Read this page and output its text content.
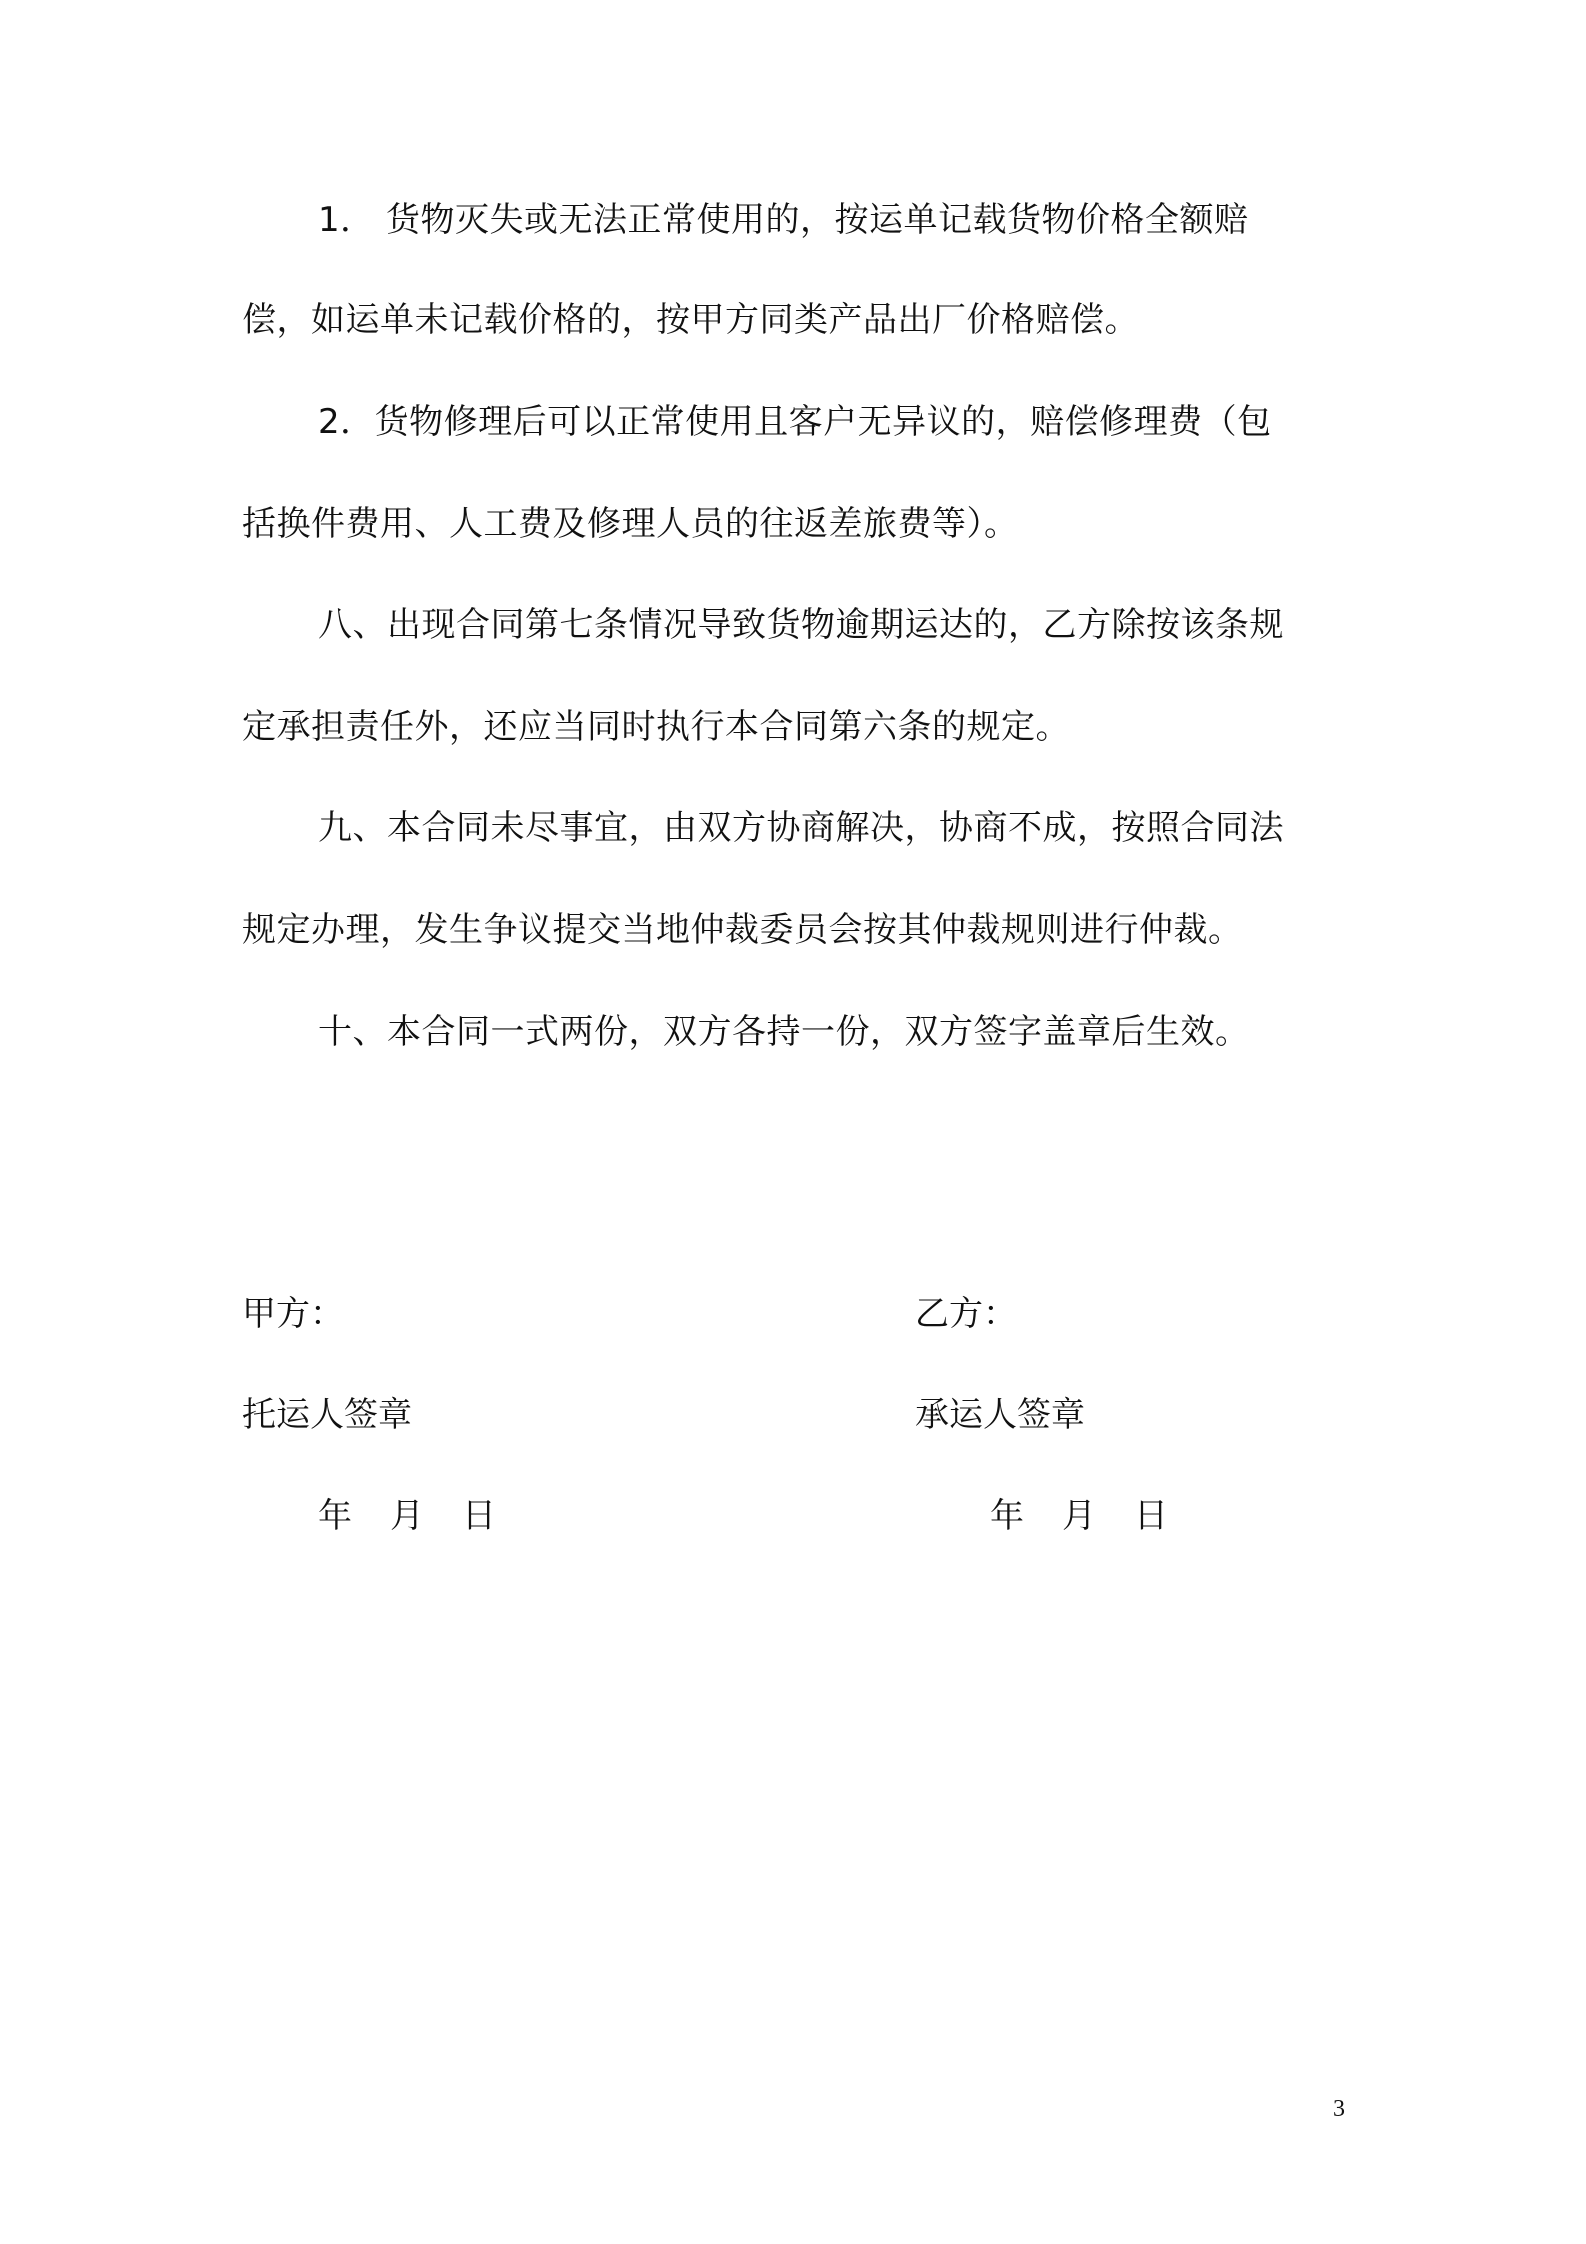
1． 货物灭失或无法正常使用的，按运单记载货物价格全额赔
偿，如运单未记载价格的，按甲方同类产品出厂价格赔偿。
2．货物修理后可以正常使用且客户无异议的，赔偿修理费（包
括换件费用、人工费及修理人员的往返差旅费等）。
八、出现合同第七条情况导致货物逾期运达的，乙方除按该条规
定承担责任外，还应当同时执行本合同第六条的规定。
九、本合同未尽事宜，由双方协商解决，协商不成，按照合同法
规定办理，发生争议提交当地仲裁委员会按其仲裁规则进行仲裁。
十、本合同一式两份，双方各持一份，双方签字盖章后生效。
甲方：	乙方：
托运人签章	承运人签章
年 月 日	年 月 日
3
